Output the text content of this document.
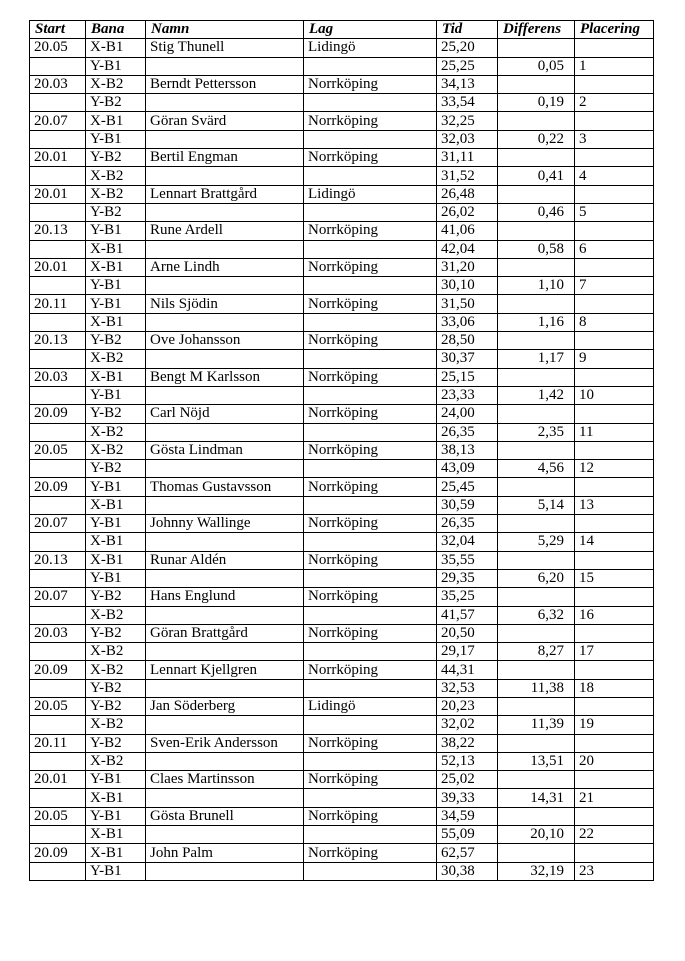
Start	Bana	Namn	Lag	Tid	Differens	Placering
20.05	X-B1	Stig Thunell	Lidingö	25,20		
	Y-B1			25,25	0,05	1
20.03	X-B2	Berndt Pettersson	Norrköping	34,13		
	Y-B2			33,54	0,19	2
20.07	X-B1	Göran Svärd	Norrköping	32,25		
	Y-B1			32,03	0,22	3
20.01	Y-B2	Bertil Engman	Norrköping	31,11		
	X-B2			31,52	0,41	4
20.01	X-B2	Lennart Brattgård	Lidingö	26,48		
	Y-B2			26,02	0,46	5
20.13	Y-B1	Rune Ardell	Norrköping	41,06		
	X-B1			42,04	0,58	6
20.01	X-B1	Arne Lindh	Norrköping	31,20		
	Y-B1			30,10	1,10	7
20.11	Y-B1	Nils Sjödin	Norrköping	31,50		
	X-B1			33,06	1,16	8
20.13	Y-B2	Ove Johansson	Norrköping	28,50		
	X-B2			30,37	1,17	9
20.03	X-B1	Bengt M Karlsson	Norrköping	25,15		
	Y-B1			23,33	1,42	10
20.09	Y-B2	Carl Nöjd	Norrköping	24,00		
	X-B2			26,35	2,35	11
20.05	X-B2	Gösta Lindman	Norrköping	38,13		
	Y-B2			43,09	4,56	12
20.09	Y-B1	Thomas Gustavsson	Norrköping	25,45		
	X-B1			30,59	5,14	13
20.07	Y-B1	Johnny Wallinge	Norrköping	26,35		
	X-B1			32,04	5,29	14
20.13	X-B1	Runar Aldén	Norrköping	35,55		
	Y-B1			29,35	6,20	15
20.07	Y-B2	Hans Englund	Norrköping	35,25		
	X-B2			41,57	6,32	16
20.03	Y-B2	Göran Brattgård	Norrköping	20,50		
	X-B2			29,17	8,27	17
20.09	X-B2	Lennart Kjellgren	Norrköping	44,31		
	Y-B2			32,53	11,38	18
20.05	Y-B2	Jan Söderberg	Lidingö	20,23		
	X-B2			32,02	11,39	19
20.11	Y-B2	Sven-Erik Andersson	Norrköping	38,22		
	X-B2			52,13	13,51	20
20.01	Y-B1	Claes Martinsson	Norrköping	25,02		
	X-B1			39,33	14,31	21
20.05	Y-B1	Gösta Brunell	Norrköping	34,59		
	X-B1			55,09	20,10	22
20.09	X-B1	John Palm	Norrköping	62,57		
	Y-B1			30,38	32,19	23
